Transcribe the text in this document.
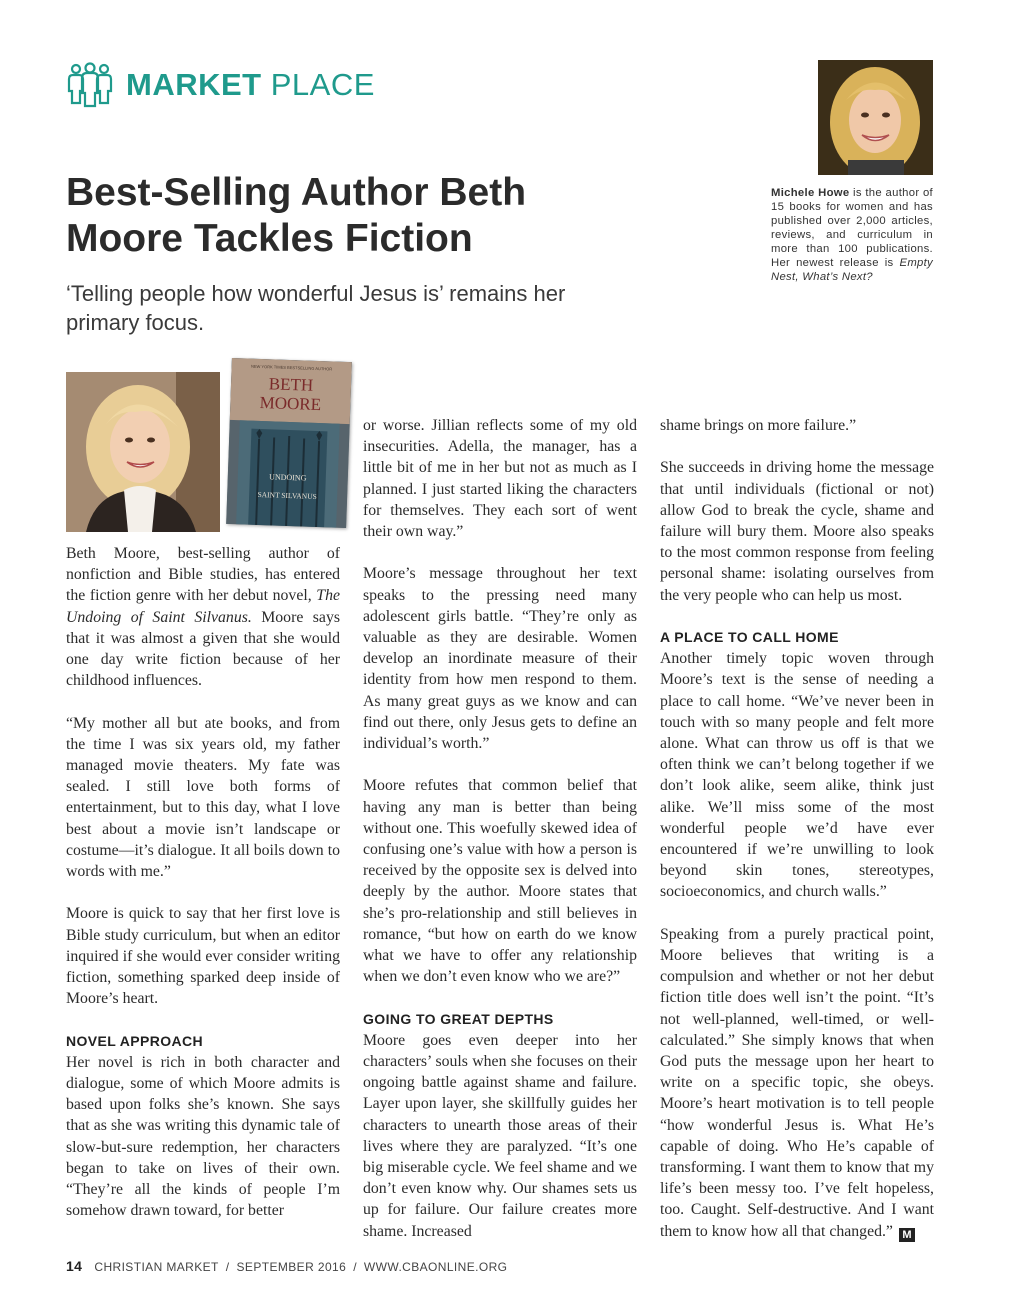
MARKET PLACE
Best-Selling Author Beth Moore Tackles Fiction

‘Telling people how wonderful Jesus is’ remains her primary focus.

Michele Howe is the author of 15 books for women and has published over 2,000 articles, reviews, and curriculum in more than 100 publications. Her newest release is Empty Nest, What’s Next?
NEW YORK TIMES BESTSELLING AUTHOR
BETH
MOORE
UNDOING
SAINT SILVANUS

Beth Moore, best-selling author of nonfiction and Bible studies, has entered the fiction genre with her debut novel, The Undoing of Saint Silvanus. Moore says that it was almost a given that she would one day write fiction because of her childhood influences.

“My mother all but ate books, and from the time I was six years old, my father managed movie theaters. My fate was sealed. I still love both forms of entertainment, but to this day, what I love best about a movie isn’t landscape or costume—it’s dialogue. It all boils down to words with me.”

Moore is quick to say that her first love is Bible study curriculum, but when an editor inquired if she would ever consider writing fiction, something sparked deep inside of Moore’s heart.

NOVEL APPROACH

Her novel is rich in both character and dialogue, some of which Moore admits is based upon folks she’s known. She says that as she was writing this dynamic tale of slow-but-sure redemption, her characters began to take on lives of their own. “They’re all the kinds of people I’m somehow drawn toward, for better

or worse. Jillian reflects some of my old insecurities. Adella, the manager, has a little bit of me in her but not as much as I planned. I just started liking the characters for themselves. They each sort of went their own way.”

Moore’s message throughout her text speaks to the pressing need many adolescent girls battle. “They’re only as valuable as they are desirable. Women develop an inordinate measure of their identity from how men respond to them. As many great guys as we know and can find out there, only Jesus gets to define an individual’s worth.”

Moore refutes that common belief that having any man is better than being without one. This woefully skewed idea of confusing one’s value with how a person is received by the opposite sex is delved into deeply by the author. Moore states that she’s pro-relationship and still believes in romance, “but how on earth do we know what we have to offer any relationship when we don’t even know who we are?”

GOING TO GREAT DEPTHS

Moore goes even deeper into her characters’ souls when she focuses on their ongoing battle against shame and failure. Layer upon layer, she skillfully guides her characters to unearth those areas of their lives where they are paralyzed. “It’s one big miserable cycle. We feel shame and we don’t even know why. Our shames sets us up for failure. Our failure creates more shame. Increased

shame brings on more failure.”

She succeeds in driving home the message that until individuals (fictional or not) allow God to break the cycle, shame and failure will bury them. Moore also speaks to the most common response from feeling personal shame: isolating ourselves from the very people who can help us most.

A PLACE TO CALL HOME

Another timely topic woven through Moore’s text is the sense of needing a place to call home. “We’ve never been in touch with so many people and felt more alone. What can throw us off is that we often think we can’t belong together if we don’t look alike, seem alike, think just alike. We’ll miss some of the most wonderful people we’d have ever encountered if we’re unwilling to look beyond skin tones, stereotypes, socioeconomics, and church walls.”

Speaking from a purely practical point, Moore believes that writing is a compulsion and whether or not her debut fiction title does well isn’t the point. “It’s not well-planned, well-timed, or well-calculated.” She simply knows that when God puts the message upon her heart to write on a specific topic, she obeys. Moore’s heart motivation is to tell people “how wonderful Jesus is. What He’s capable of doing. Who He’s capable of transforming. I want them to know that my life’s been messy too. I’ve felt hopeless, too. Caught. Self-destructive. And I want them to know how all that changed.” M

14 CHRISTIAN MARKET / SEPTEMBER 2016 / WWW.CBAONLINE.ORG
